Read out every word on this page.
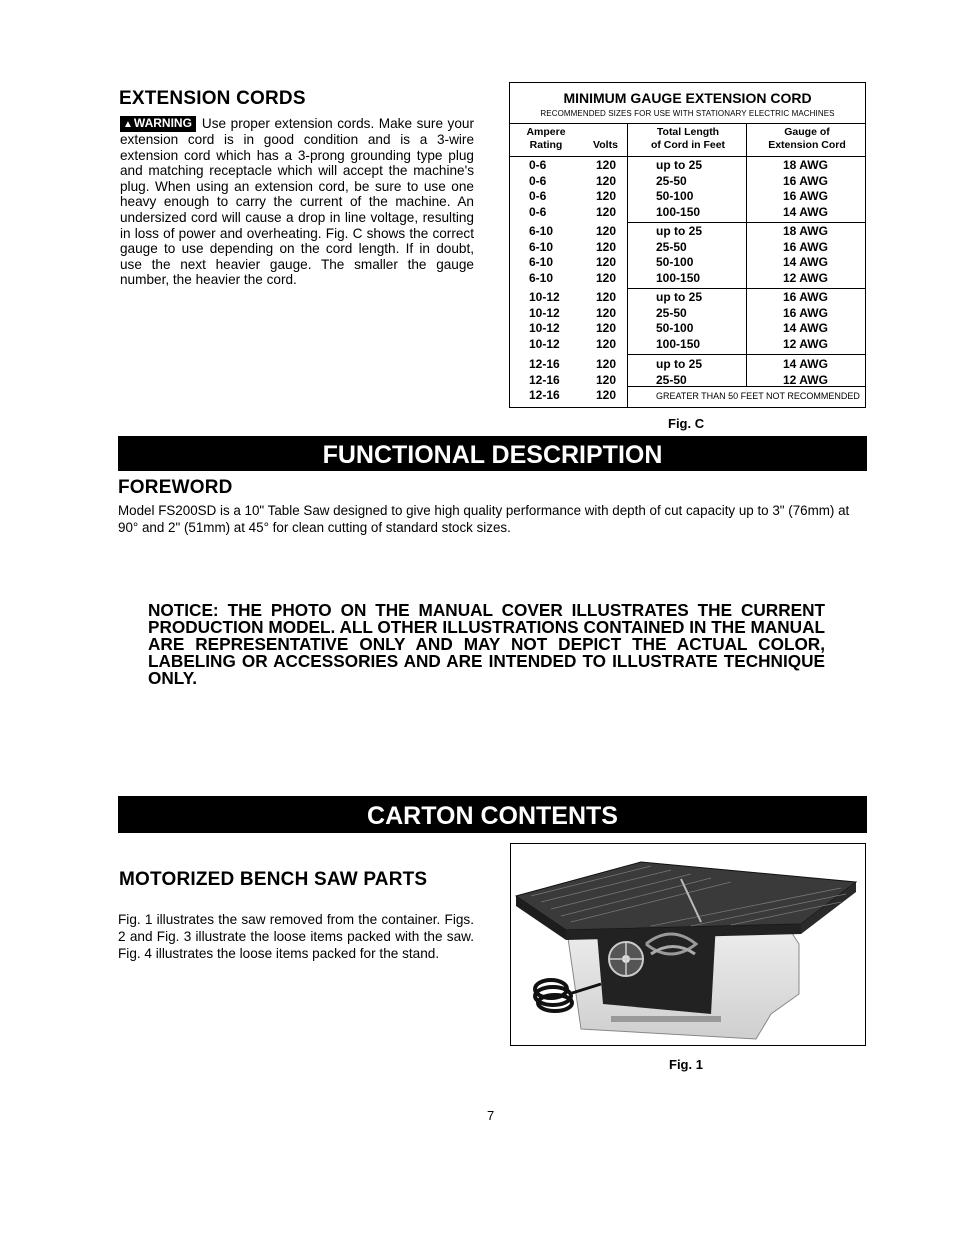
EXTENSION CORDS
▲WARNING Use proper extension cords. Make sure your extension cord is in good condition and is a 3-wire extension cord which has a 3-prong grounding type plug and matching receptacle which will accept the machine's plug. When using an extension cord, be sure to use one heavy enough to carry the current of the machine. An undersized cord will cause a drop in line voltage, resulting in loss of power and overheating. Fig. C shows the correct gauge to use depending on the cord length. If in doubt, use the next heavier gauge. The smaller the gauge number, the heavier the cord.
MINIMUM GAUGE EXTENSION CORD
RECOMMENDED SIZES FOR USE WITH STATIONARY ELECTRIC MACHINES
Ampere
Rating	Volts
Total Length
of Cord in Feet
Gauge of
Extension Cord
0-6
0-6
0-6
0-6
120
120
120
120
up to 25
25-50
50-100
100-150
18 AWG
16 AWG
16 AWG
14 AWG
6-10
6-10
6-10
6-10
120
120
120
120
up to 25
25-50
50-100
100-150
18 AWG
16 AWG
14 AWG
12 AWG
10-12
10-12
10-12
10-12
120
120
120
120
up to 25
25-50
50-100
100-150
16 AWG
16 AWG
14 AWG
12 AWG
12-16
12-16
12-16
120
120
120
up to 25
25-50
14 AWG
12 AWG
GREATER THAN 50 FEET NOT RECOMMENDED
Fig. C
FUNCTIONAL DESCRIPTION
FOREWORD
Model FS200SD is a 10" Table Saw designed to give high quality performance with depth of cut capacity up to 3" (76mm) at 90° and 2" (51mm) at 45° for clean cutting of standard stock sizes.
NOTICE: THE PHOTO ON THE MANUAL COVER ILLUSTRATES THE CURRENT PRODUCTION MODEL. ALL OTHER ILLUSTRATIONS CONTAINED IN THE MANUAL ARE REPRESENTATIVE ONLY AND MAY NOT DEPICT THE ACTUAL COLOR, LABELING OR ACCESSORIES AND ARE INTENDED TO ILLUSTRATE TECHNIQUE ONLY.
CARTON CONTENTS
MOTORIZED BENCH SAW PARTS
Fig. 1 illustrates the saw removed from the container. Figs. 2 and Fig. 3 illustrate the loose items packed with the saw. Fig. 4 illustrates the loose items packed for the stand.
Fig. 1
7
